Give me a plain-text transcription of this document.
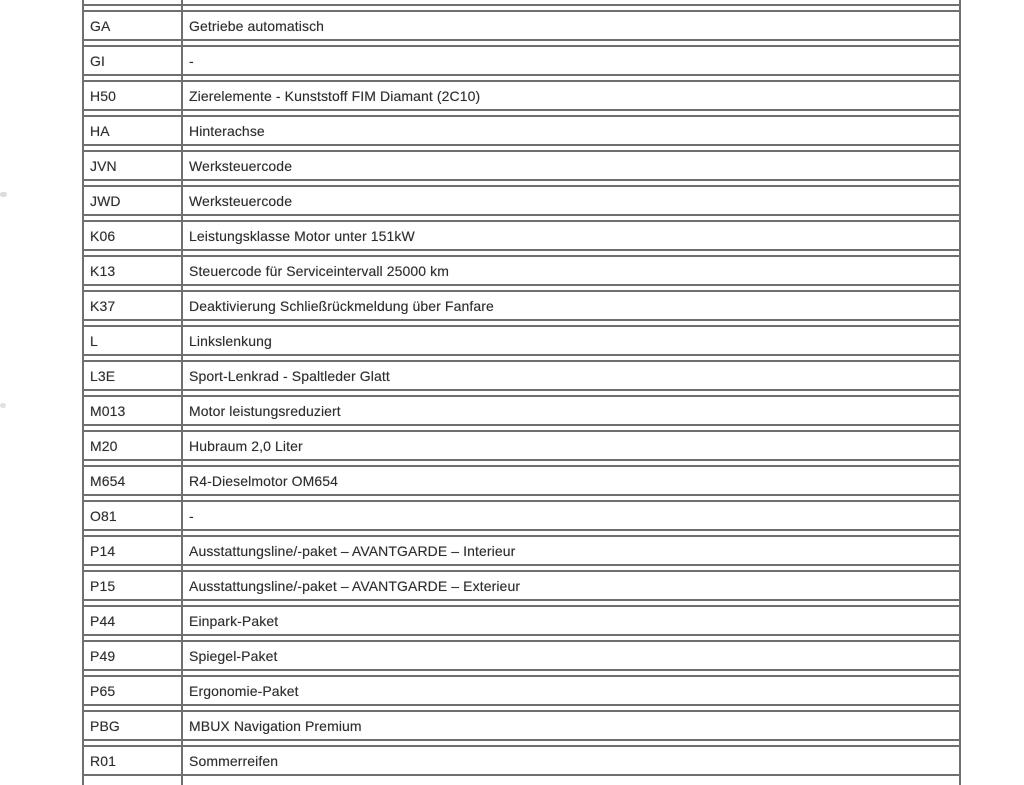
GA	Getriebe automatisch
GI	-
H50	Zierelemente - Kunststoff FIM Diamant (2C10)
HA	Hinterachse
JVN	Werksteuercode
JWD	Werksteuercode
K06	Leistungsklasse Motor unter 151kW
K13	Steuercode für Serviceintervall 25000 km
K37	Deaktivierung Schließrückmeldung über Fanfare
L	Linkslenkung
L3E	Sport-Lenkrad - Spaltleder Glatt
M013	Motor leistungsreduziert
M20	Hubraum 2,0 Liter
M654	R4-Dieselmotor OM654
O81	-
P14	Ausstattungsline/-paket – AVANTGARDE – Interieur
P15	Ausstattungsline/-paket – AVANTGARDE – Exterieur
P44	Einpark-Paket
P49	Spiegel-Paket
P65	Ergonomie-Paket
PBG	MBUX Navigation Premium
R01	Sommerreifen
